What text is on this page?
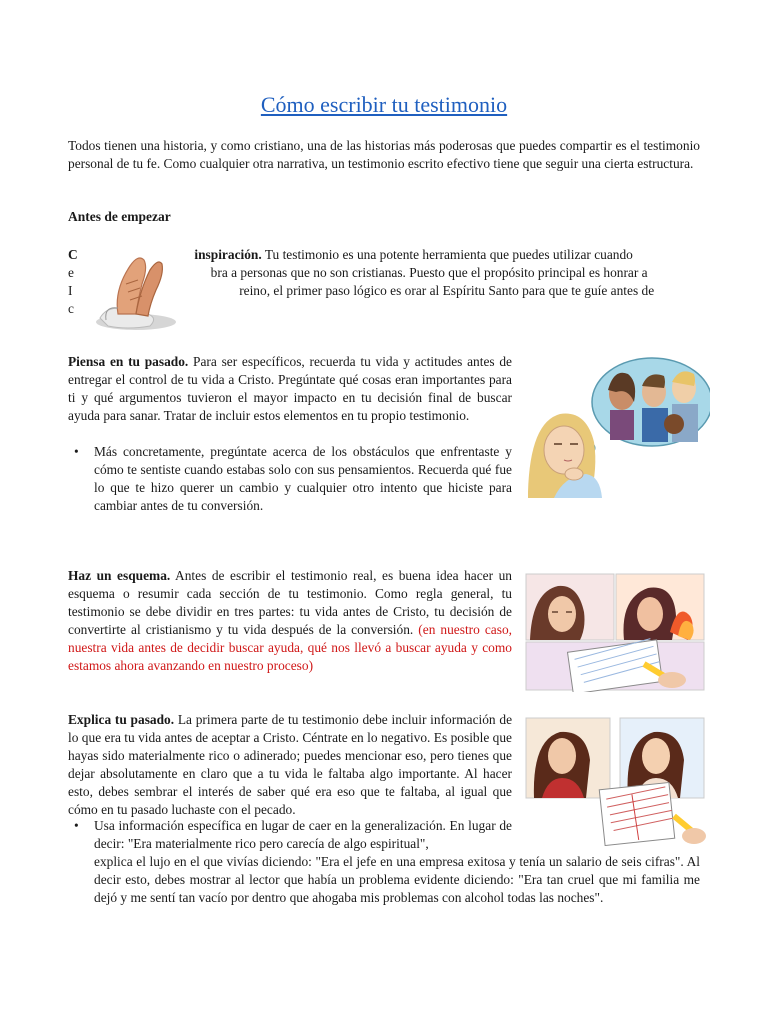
Cómo escribir tu testimonio

Todos tienen una historia, y como cristiano, una de las historias más poderosas que puedes compartir es el testimonio personal de tu fe. Como cualquier otra narrativa, un testimonio escrito efectivo tiene que seguir una cierta estructura.

Antes de empezar

C	inspiración. Tu testimonio es una potente herramienta que puedes utilizar cuando

e	bra a personas que no son cristianas. Puesto que el propósito principal es honrar a

I	reino, el primer paso lógico es orar al Espíritu Santo para que te guíe antes de

c

Piensa en tu pasado. Para ser específicos, recuerda tu vida y actitudes antes de entregar el control de tu vida a Cristo. Pregúntate qué cosas eran importantes para ti y qué argumentos tuvieron el mayor impacto en tu decisión final de buscar ayuda para sanar. Tratar de incluir estos elementos en tu propio testimonio.

• Más concretamente, pregúntate acerca de los obstáculos que enfrentaste y cómo te sentiste cuando estabas solo con sus pensamientos. Recuerda qué fue lo que te hizo querer un cambio y cualquier otro intento que hiciste para cambiar antes de tu conversión.

Haz un esquema. Antes de escribir el testimonio real, es buena idea hacer un esquema o resumir cada sección de tu testimonio. Como regla general, tu testimonio se debe dividir en tres partes: tu vida antes de Cristo, tu decisión de convertirte al cristianismo y tu vida después de la conversión. (en nuestro caso, nuestra vida antes de decidir buscar ayuda, qué nos llevó a buscar ayuda y como estamos ahora avanzando en nuestro proceso)

Explica tu pasado. La primera parte de tu testimonio debe incluir información de lo que era tu vida antes de aceptar a Cristo. Céntrate en lo negativo. Es posible que hayas sido materialmente rico o adinerado; puedes mencionar eso, pero tienes que dejar absolutamente en claro que a tu vida le faltaba algo importante. Al hacer esto, debes sembrar el interés de saber qué era eso que te faltaba, al igual que cómo en tu pasado luchaste con el pecado.

• Usa información específica en lugar de caer en la generalización. En lugar de decir: "Era materialmente rico pero carecía de algo espiritual",

explica el lujo en el que vivías diciendo: "Era el jefe en una empresa exitosa y tenía un salario de seis cifras". Al decir esto, debes mostrar al lector que había un problema evidente diciendo: "Era tan cruel que mi familia me dejó y me sentí tan vacío por dentro que ahogaba mis problemas con alcohol todas las noches".
